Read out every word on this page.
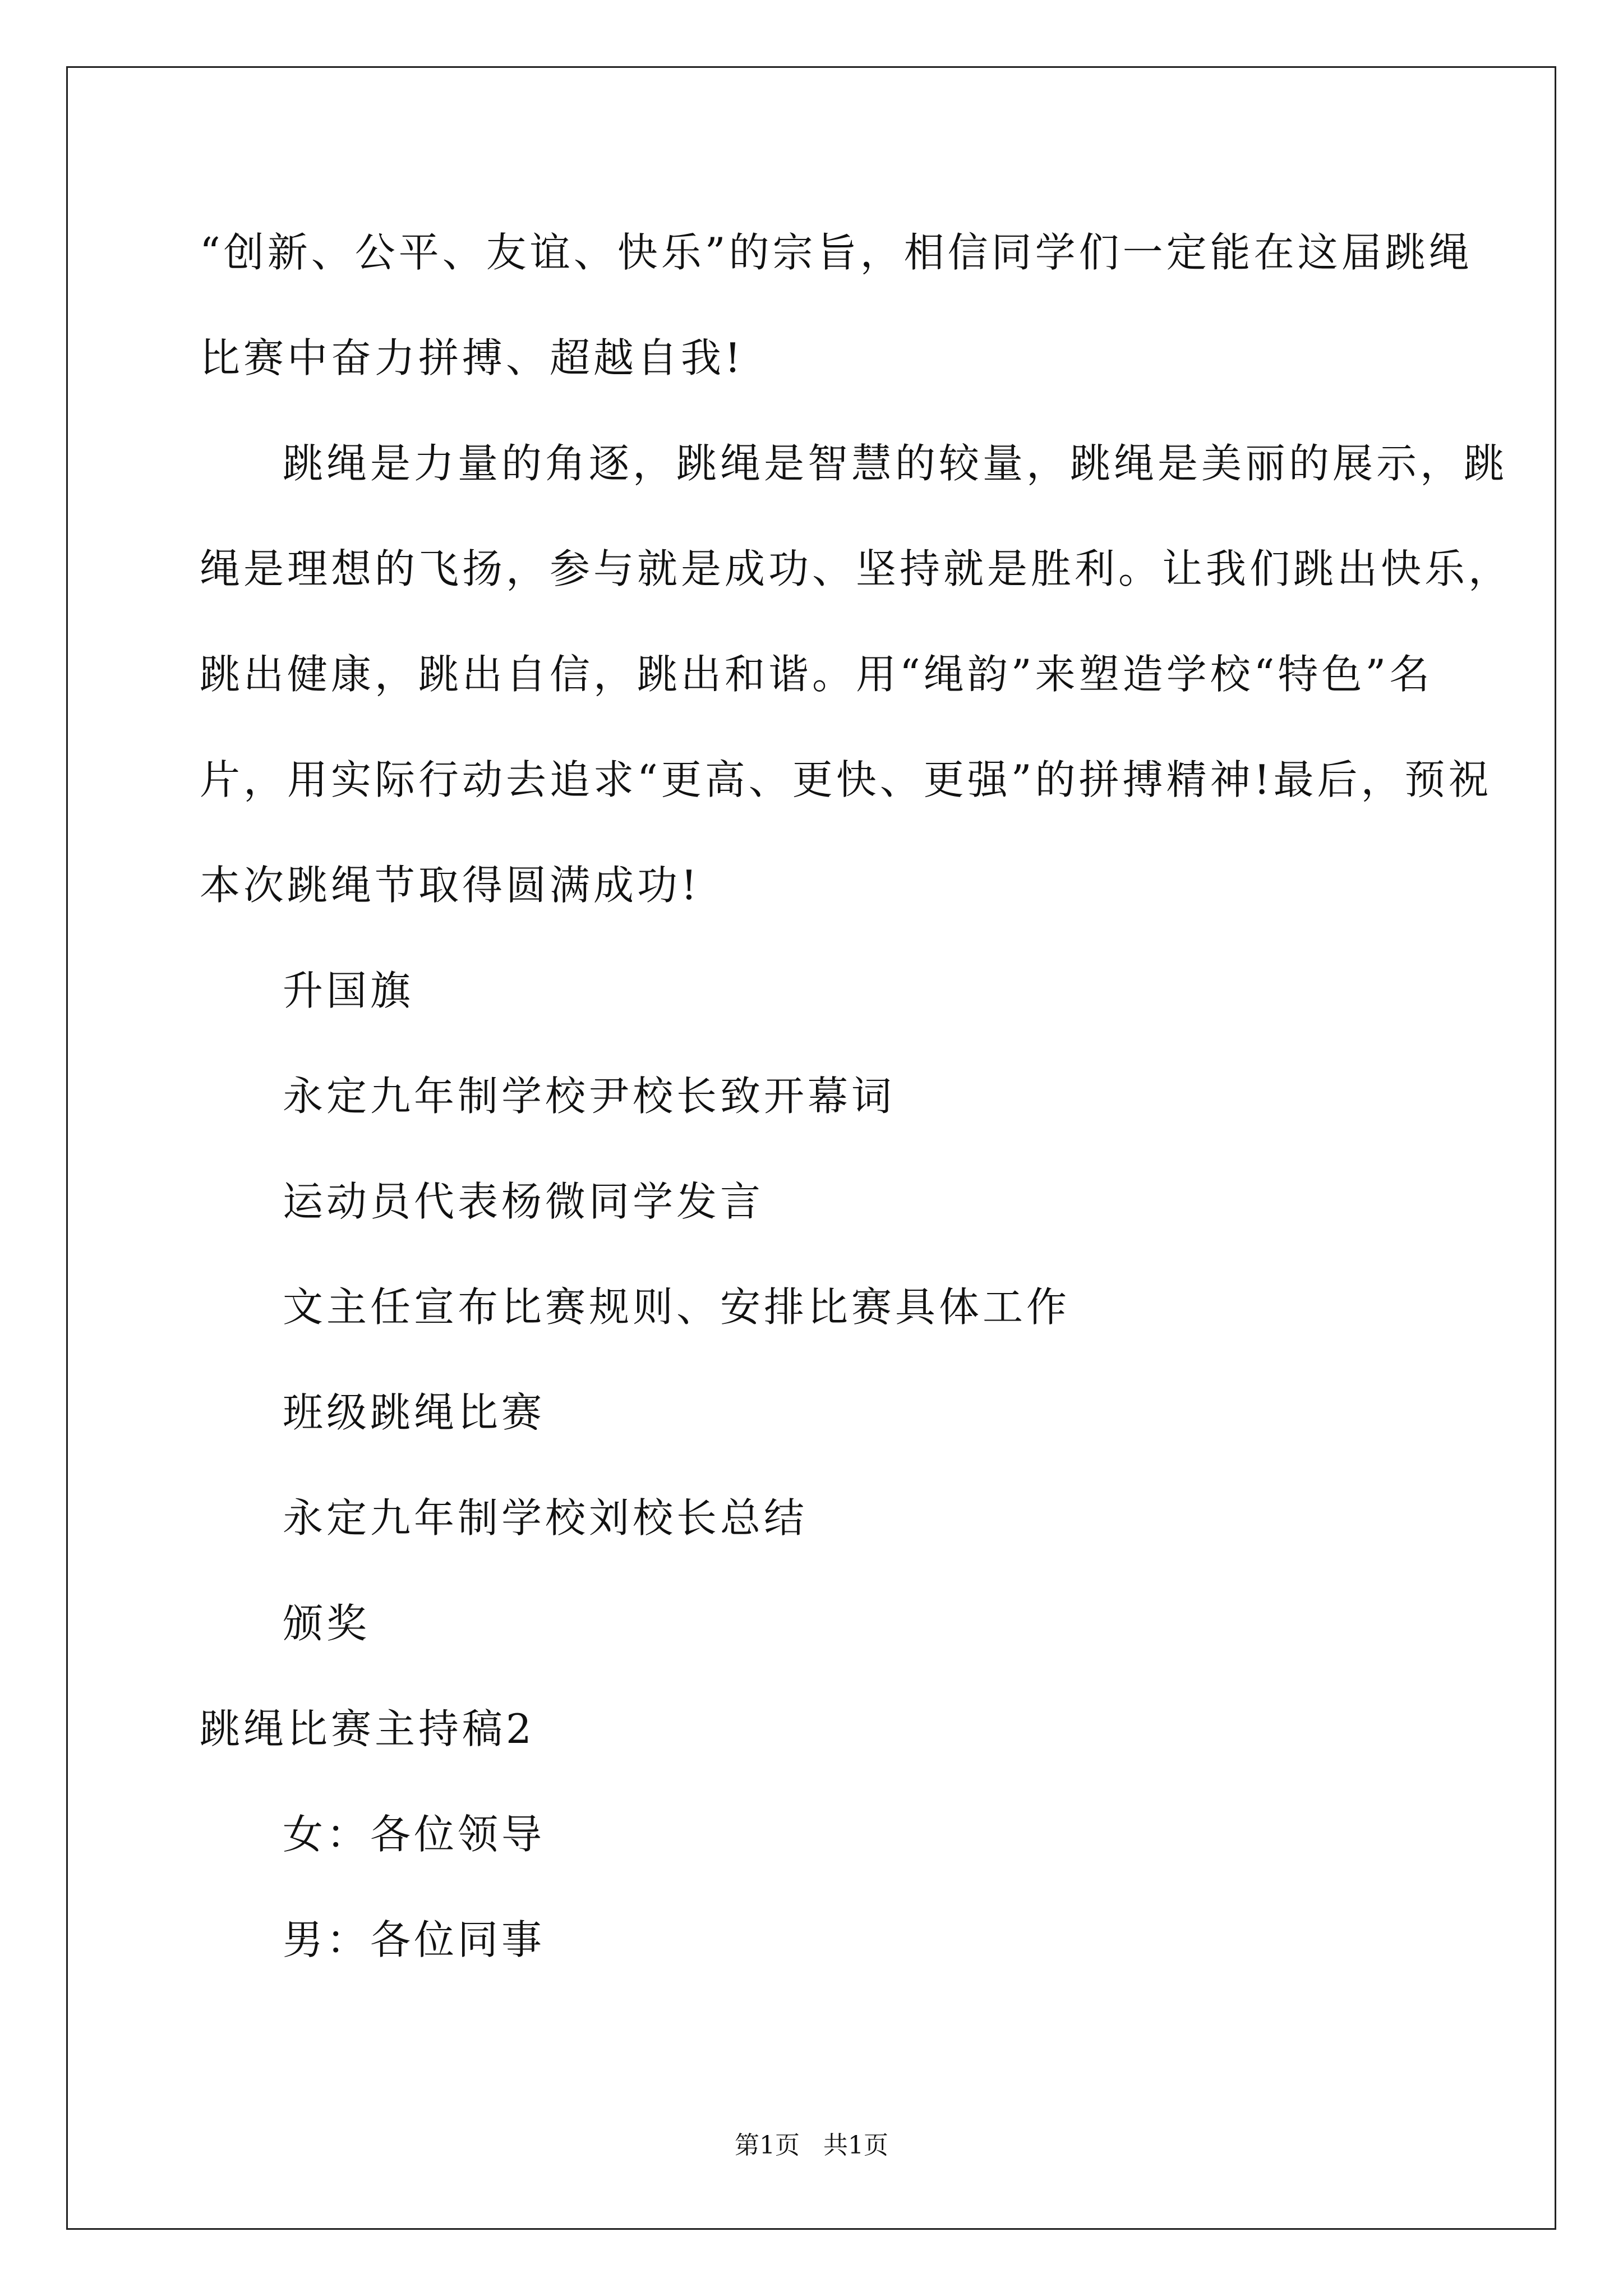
“创新、公平、友谊、快乐”的宗旨，相信同学们一定能在这届跳绳

比赛中奋力拼搏、超越自我!

跳绳是力量的角逐，跳绳是智慧的较量，跳绳是美丽的展示，跳

绳是理想的飞扬，参与就是成功、坚持就是胜利。让我们跳出快乐，

跳出健康，跳出自信，跳出和谐。用“绳韵”来塑造学校“特色”名

片，用实际行动去追求“更高、更快、更强”的拼搏精神!最后，预祝

本次跳绳节取得圆满成功!

升国旗

永定九年制学校尹校长致开幕词

运动员代表杨微同学发言

文主任宣布比赛规则、安排比赛具体工作

班级跳绳比赛

永定九年制学校刘校长总结

颁奖

跳绳比赛主持稿2

女：各位领导

男：各位同事

第1页 共1页
